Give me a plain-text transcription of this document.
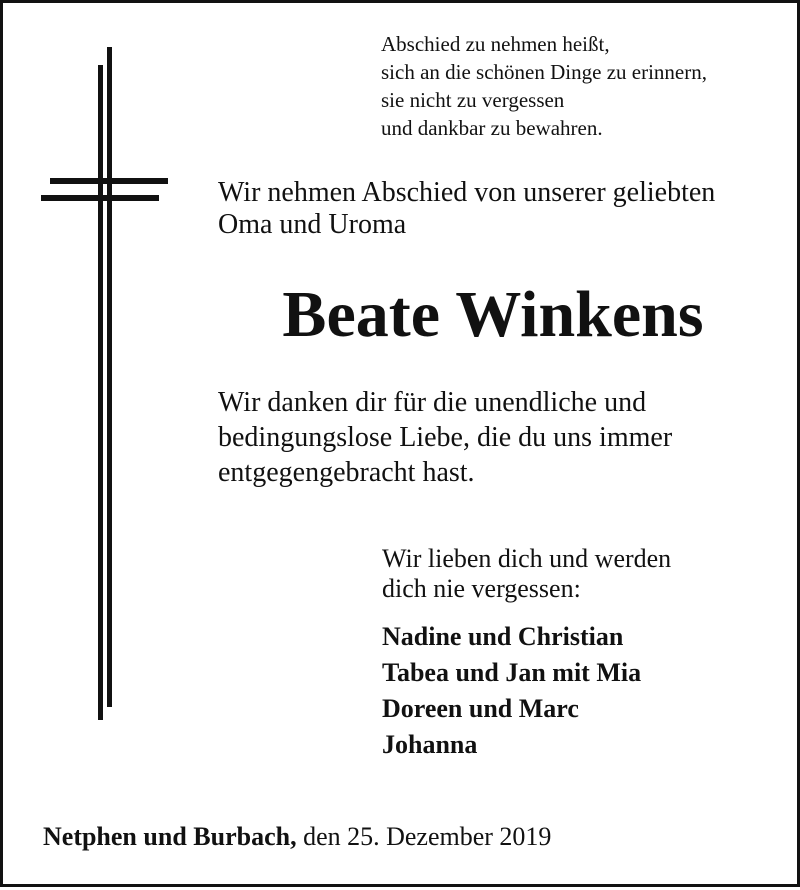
Abschied zu nehmen heißt,
sich an die schönen Dinge zu erinnern,
sie nicht zu vergessen
und dankbar zu bewahren.
Wir nehmen Abschied von unserer geliebten
Oma und Uroma
Beate Winkens
Wir danken dir für die unendliche und
bedingungslose Liebe, die du uns immer
entgegengebracht hast.
Wir lieben dich und werden
dich nie vergessen:
Nadine und Christian
Tabea und Jan mit Mia
Doreen und Marc
Johanna
Netphen und Burbach, den 25. Dezember 2019
